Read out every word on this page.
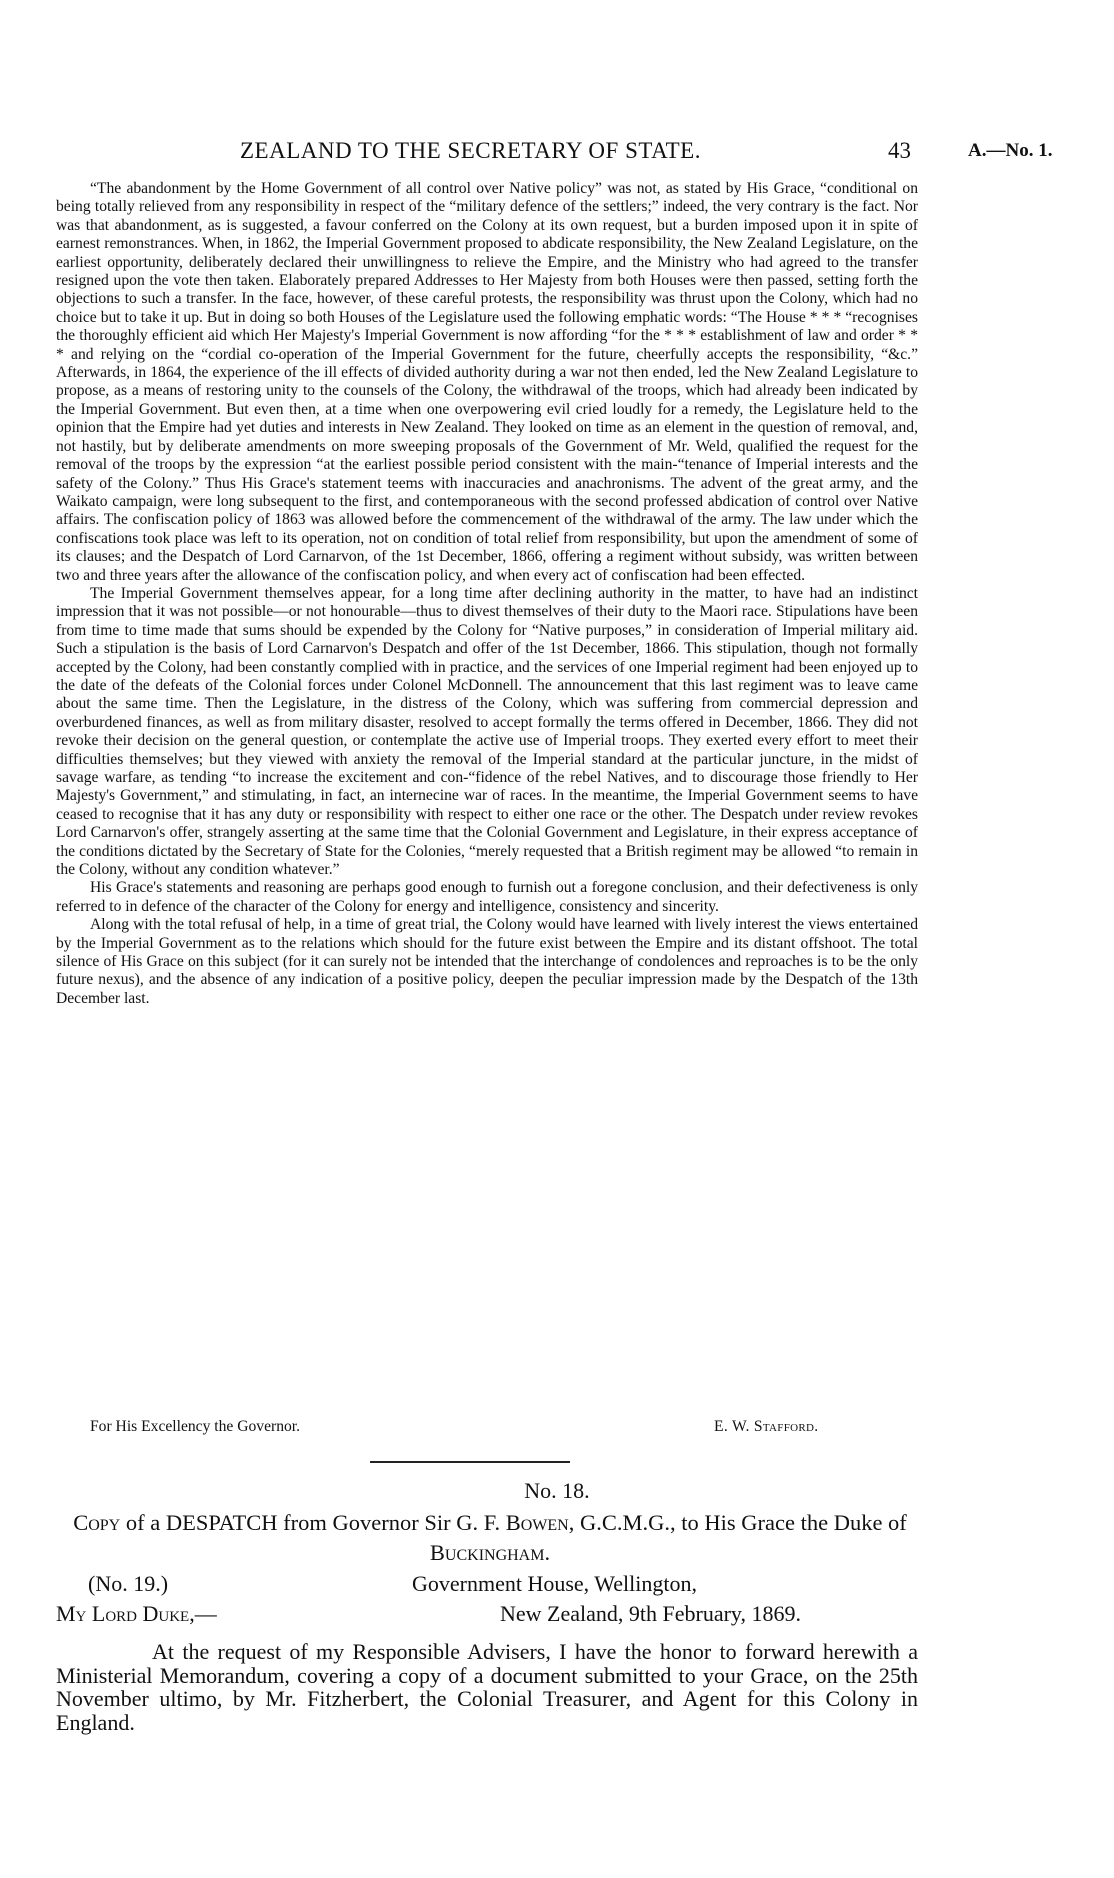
ZEALAND TO THE SECRETARY OF STATE.	43	A.—No. 1.

“The abandonment by the Home Government of all control over Native policy” was not, as stated by His Grace, “conditional on being totally relieved from any responsibility in respect of the “military defence of the settlers;” indeed, the very contrary is the fact. Nor was that abandonment, as is suggested, a favour conferred on the Colony at its own request, but a burden imposed upon it in spite of earnest remonstrances. When, in 1862, the Imperial Government proposed to abdicate responsibility, the New Zealand Legislature, on the earliest opportunity, deliberately declared their unwillingness to relieve the Empire, and the Ministry who had agreed to the transfer resigned upon the vote then taken. Elaborately prepared Addresses to Her Majesty from both Houses were then passed, setting forth the objections to such a transfer. In the face, however, of these careful protests, the responsibility was thrust upon the Colony, which had no choice but to take it up. But in doing so both Houses of the Legislature used the following emphatic words: “The House * * * “recognises the thoroughly efficient aid which Her Majesty's Imperial Government is now affording “for the * * * establishment of law and order * * * and relying on the “cordial co-operation of the Imperial Government for the future, cheerfully accepts the responsibility, “&c.” Afterwards, in 1864, the experience of the ill effects of divided authority during a war not then ended, led the New Zealand Legislature to propose, as a means of restoring unity to the counsels of the Colony, the withdrawal of the troops, which had already been indicated by the Imperial Government. But even then, at a time when one overpowering evil cried loudly for a remedy, the Legislature held to the opinion that the Empire had yet duties and interests in New Zealand. They looked on time as an element in the question of removal, and, not hastily, but by deliberate amendments on more sweeping proposals of the Government of Mr. Weld, qualified the request for the removal of the troops by the expression “at the earliest possible period consistent with the main-“tenance of Imperial interests and the safety of the Colony.” Thus His Grace's statement teems with inaccuracies and anachronisms. The advent of the great army, and the Waikato campaign, were long subsequent to the first, and contemporaneous with the second professed abdication of control over Native affairs. The confiscation policy of 1863 was allowed before the commencement of the withdrawal of the army. The law under which the confiscations took place was left to its operation, not on condition of total relief from responsibility, but upon the amendment of some of its clauses; and the Despatch of Lord Carnarvon, of the 1st December, 1866, offering a regiment without subsidy, was written between two and three years after the allowance of the confiscation policy, and when every act of confiscation had been effected.

The Imperial Government themselves appear, for a long time after declining authority in the matter, to have had an indistinct impression that it was not possible—or not honourable—thus to divest themselves of their duty to the Maori race. Stipulations have been from time to time made that sums should be expended by the Colony for “Native purposes,” in consideration of Imperial military aid. Such a stipulation is the basis of Lord Carnarvon's Despatch and offer of the 1st December, 1866. This stipulation, though not formally accepted by the Colony, had been constantly complied with in practice, and the services of one Imperial regiment had been enjoyed up to the date of the defeats of the Colonial forces under Colonel McDonnell. The announcement that this last regiment was to leave came about the same time. Then the Legislature, in the distress of the Colony, which was suffering from commercial depression and overburdened finances, as well as from military disaster, resolved to accept formally the terms offered in December, 1866. They did not revoke their decision on the general question, or contemplate the active use of Imperial troops. They exerted every effort to meet their difficulties themselves; but they viewed with anxiety the removal of the Imperial standard at the particular juncture, in the midst of savage warfare, as tending “to increase the excitement and con-“fidence of the rebel Natives, and to discourage those friendly to Her Majesty's Government,” and stimulating, in fact, an internecine war of races. In the meantime, the Imperial Government seems to have ceased to recognise that it has any duty or responsibility with respect to either one race or the other. The Despatch under review revokes Lord Carnarvon's offer, strangely asserting at the same time that the Colonial Government and Legislature, in their express acceptance of the conditions dictated by the Secretary of State for the Colonies, “merely requested that a British regiment may be allowed “to remain in the Colony, without any condition whatever.”

His Grace's statements and reasoning are perhaps good enough to furnish out a foregone conclusion, and their defectiveness is only referred to in defence of the character of the Colony for energy and intelligence, consistency and sincerity.

Along with the total refusal of help, in a time of great trial, the Colony would have learned with lively interest the views entertained by the Imperial Government as to the relations which should for the future exist between the Empire and its distant offshoot. The total silence of His Grace on this subject (for it can surely not be intended that the interchange of condolences and reproaches is to be the only future nexus), and the absence of any indication of a positive policy, deepen the peculiar impression made by the Despatch of the 13th December last.

For His Excellency the Governor.	E. W. Stafford.
No. 18.
Copy of a DESPATCH from Governor Sir G. F. Bowen, G.C.M.G., to His Grace the Duke of Buckingham.
(No. 19.)	Government House, Wellington,
My Lord Duke,—	New Zealand, 9th February, 1869.

At the request of my Responsible Advisers, I have the honor to forward herewith a Ministerial Memorandum, covering a copy of a document submitted to your Grace, on the 25th November ultimo, by Mr. Fitzherbert, the Colonial Treasurer, and Agent for this Colony in England.
